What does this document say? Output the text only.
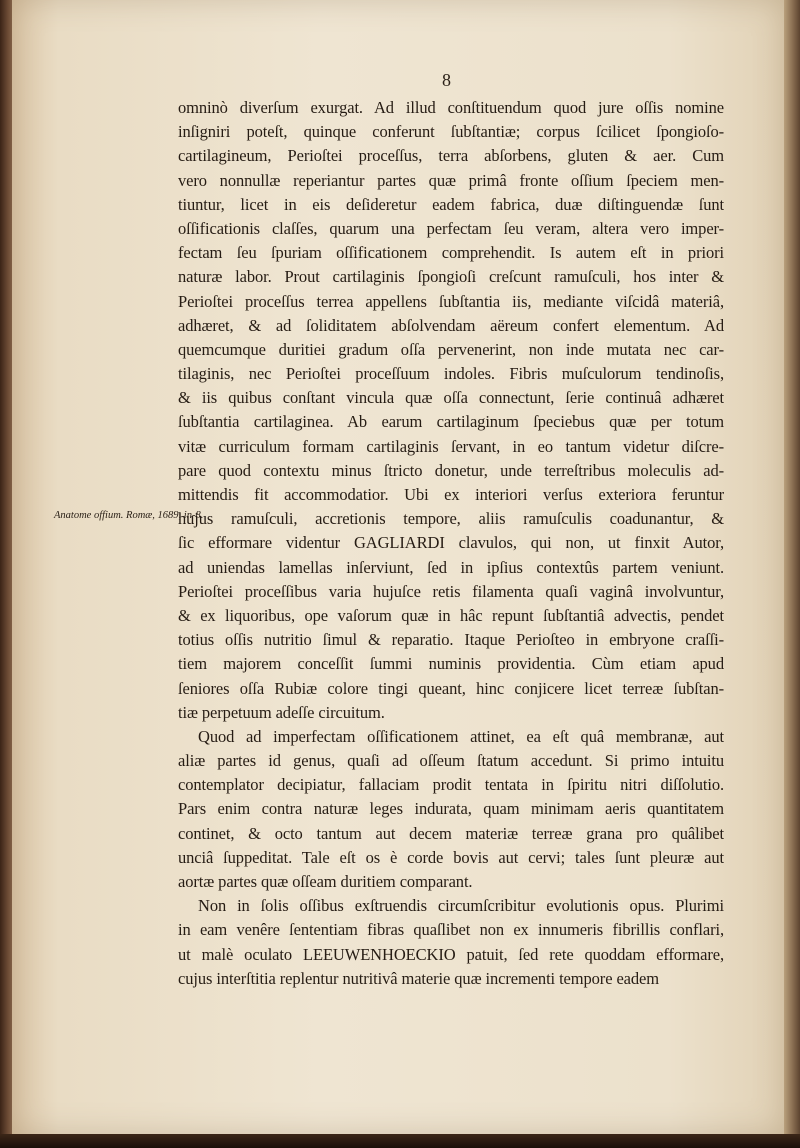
8
Anatome offium. Romæ, 1689, in-8.
omninò diverſum exurgat. Ad illud conſtituendum quod jure oſſis nomine
inſigniri poteſt, quinque conferunt ſubſtantiæ; corpus ſcilicet ſpongioſo-
cartilagineum, Perioſtei proceſſus, terra abſorbens, gluten & aer. Cum
vero nonnullæ reperiantur partes quæ primâ fronte oſſium ſpeciem men-
tiuntur, licet in eis deſideretur eadem fabrica, duæ diſtinguendæ ſunt
oſſificationis claſſes, quarum una perfectam ſeu veram, altera vero imper-
fectam ſeu ſpuriam oſſificationem comprehendit. Is autem eſt in priori
naturæ labor. Prout cartilaginis ſpongioſi creſcunt ramuſculi, hos inter &
Perioſtei proceſſus terrea appellens ſubſtantia iis, mediante viſcidâ materiâ,
adhæret, & ad ſoliditatem abſolvendam aëreum confert elementum. Ad
quemcumque duritiei gradum oſſa pervenerint, non inde mutata nec car-
tilaginis, nec Perioſtei proceſſuum indoles. Fibris muſculorum tendinoſis,
& iis quibus conſtant vincula quæ oſſa connectunt, ſerie continuâ adhæret
ſubſtantia cartilaginea. Ab earum cartilaginum ſpeciebus quæ per totum
vitæ curriculum formam cartilaginis ſervant, in eo tantum videtur diſcre-
pare quod contextu minus ſtricto donetur, unde terreſtribus moleculis ad-
mittendis fit accommodatior. Ubi ex interiori verſus exteriora feruntur
hujus ramuſculi, accretionis tempore, aliis ramuſculis coadunantur, &
ſic efformare videntur GAGLIARDI clavulos, qui non, ut finxit Autor,
ad uniendas lamellas inſerviunt, ſed in ipſius contextûs partem veniunt.
Perioſtei proceſſibus varia hujuſce retis filamenta quaſi vaginâ involvuntur,
& ex liquoribus, ope vaſorum quæ in hâc repunt ſubſtantiâ advectis, pendet
totius oſſis nutritio ſimul & reparatio. Itaque Perioſteo in embryone craſſi-
tiem majorem conceſſit ſummi numinis providentia. Cùm etiam apud
ſeniores oſſa Rubiæ colore tingi queant, hinc conjicere licet terreæ ſubſtan-
tiæ perpetuum adeſſe circuitum.
Quod ad imperfectam oſſificationem attinet, ea eſt quâ membranæ, aut
aliæ partes id genus, quaſi ad oſſeum ſtatum accedunt. Si primo intuitu
contemplator decipiatur, fallaciam prodit tentata in ſpiritu nitri diſſolutio.
Pars enim contra naturæ leges indurata, quam minimam aeris quantitatem
continet, & octo tantum aut decem materiæ terreæ grana pro quâlibet
unciâ ſuppeditat. Tale eſt os è corde bovis aut cervi; tales ſunt pleuræ aut
aortæ partes quæ oſſeam duritiem comparant.
Non in ſolis oſſibus exſtruendis circumſcribitur evolutionis opus. Plurimi
in eam venêre ſententiam fibras quaſlibet non ex innumeris fibrillis conflari,
ut malè oculato LEEUWENHOECKIO patuit, ſed rete quoddam efformare,
cujus interſtitia replentur nutritivâ materie quæ incrementi tempore eadem
